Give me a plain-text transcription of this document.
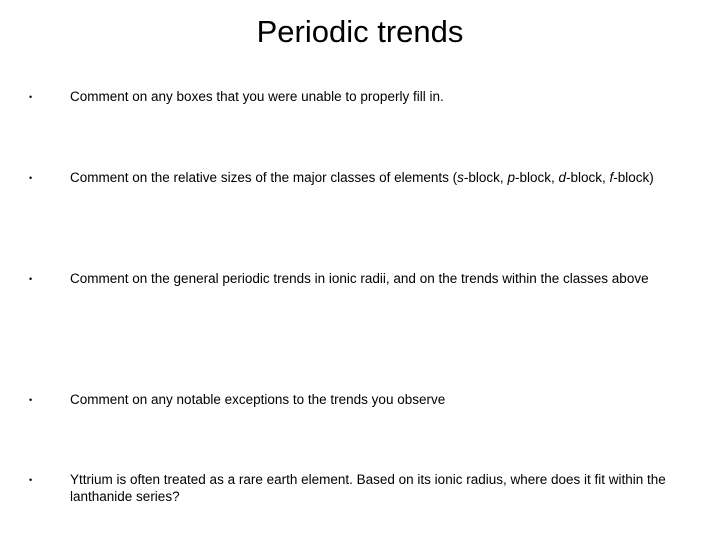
Periodic trends
•	Comment on any boxes that you were unable to properly fill in.
•	Comment on the relative sizes of the major classes of elements (s-block, p-block, d-block, f-block)
•	Comment on the general periodic trends in ionic radii, and on the trends within the classes above
•	Comment on any notable exceptions to the trends you observe
•	Yttrium is often treated as a rare earth element. Based on its ionic radius, where does it fit within the lanthanide series?
